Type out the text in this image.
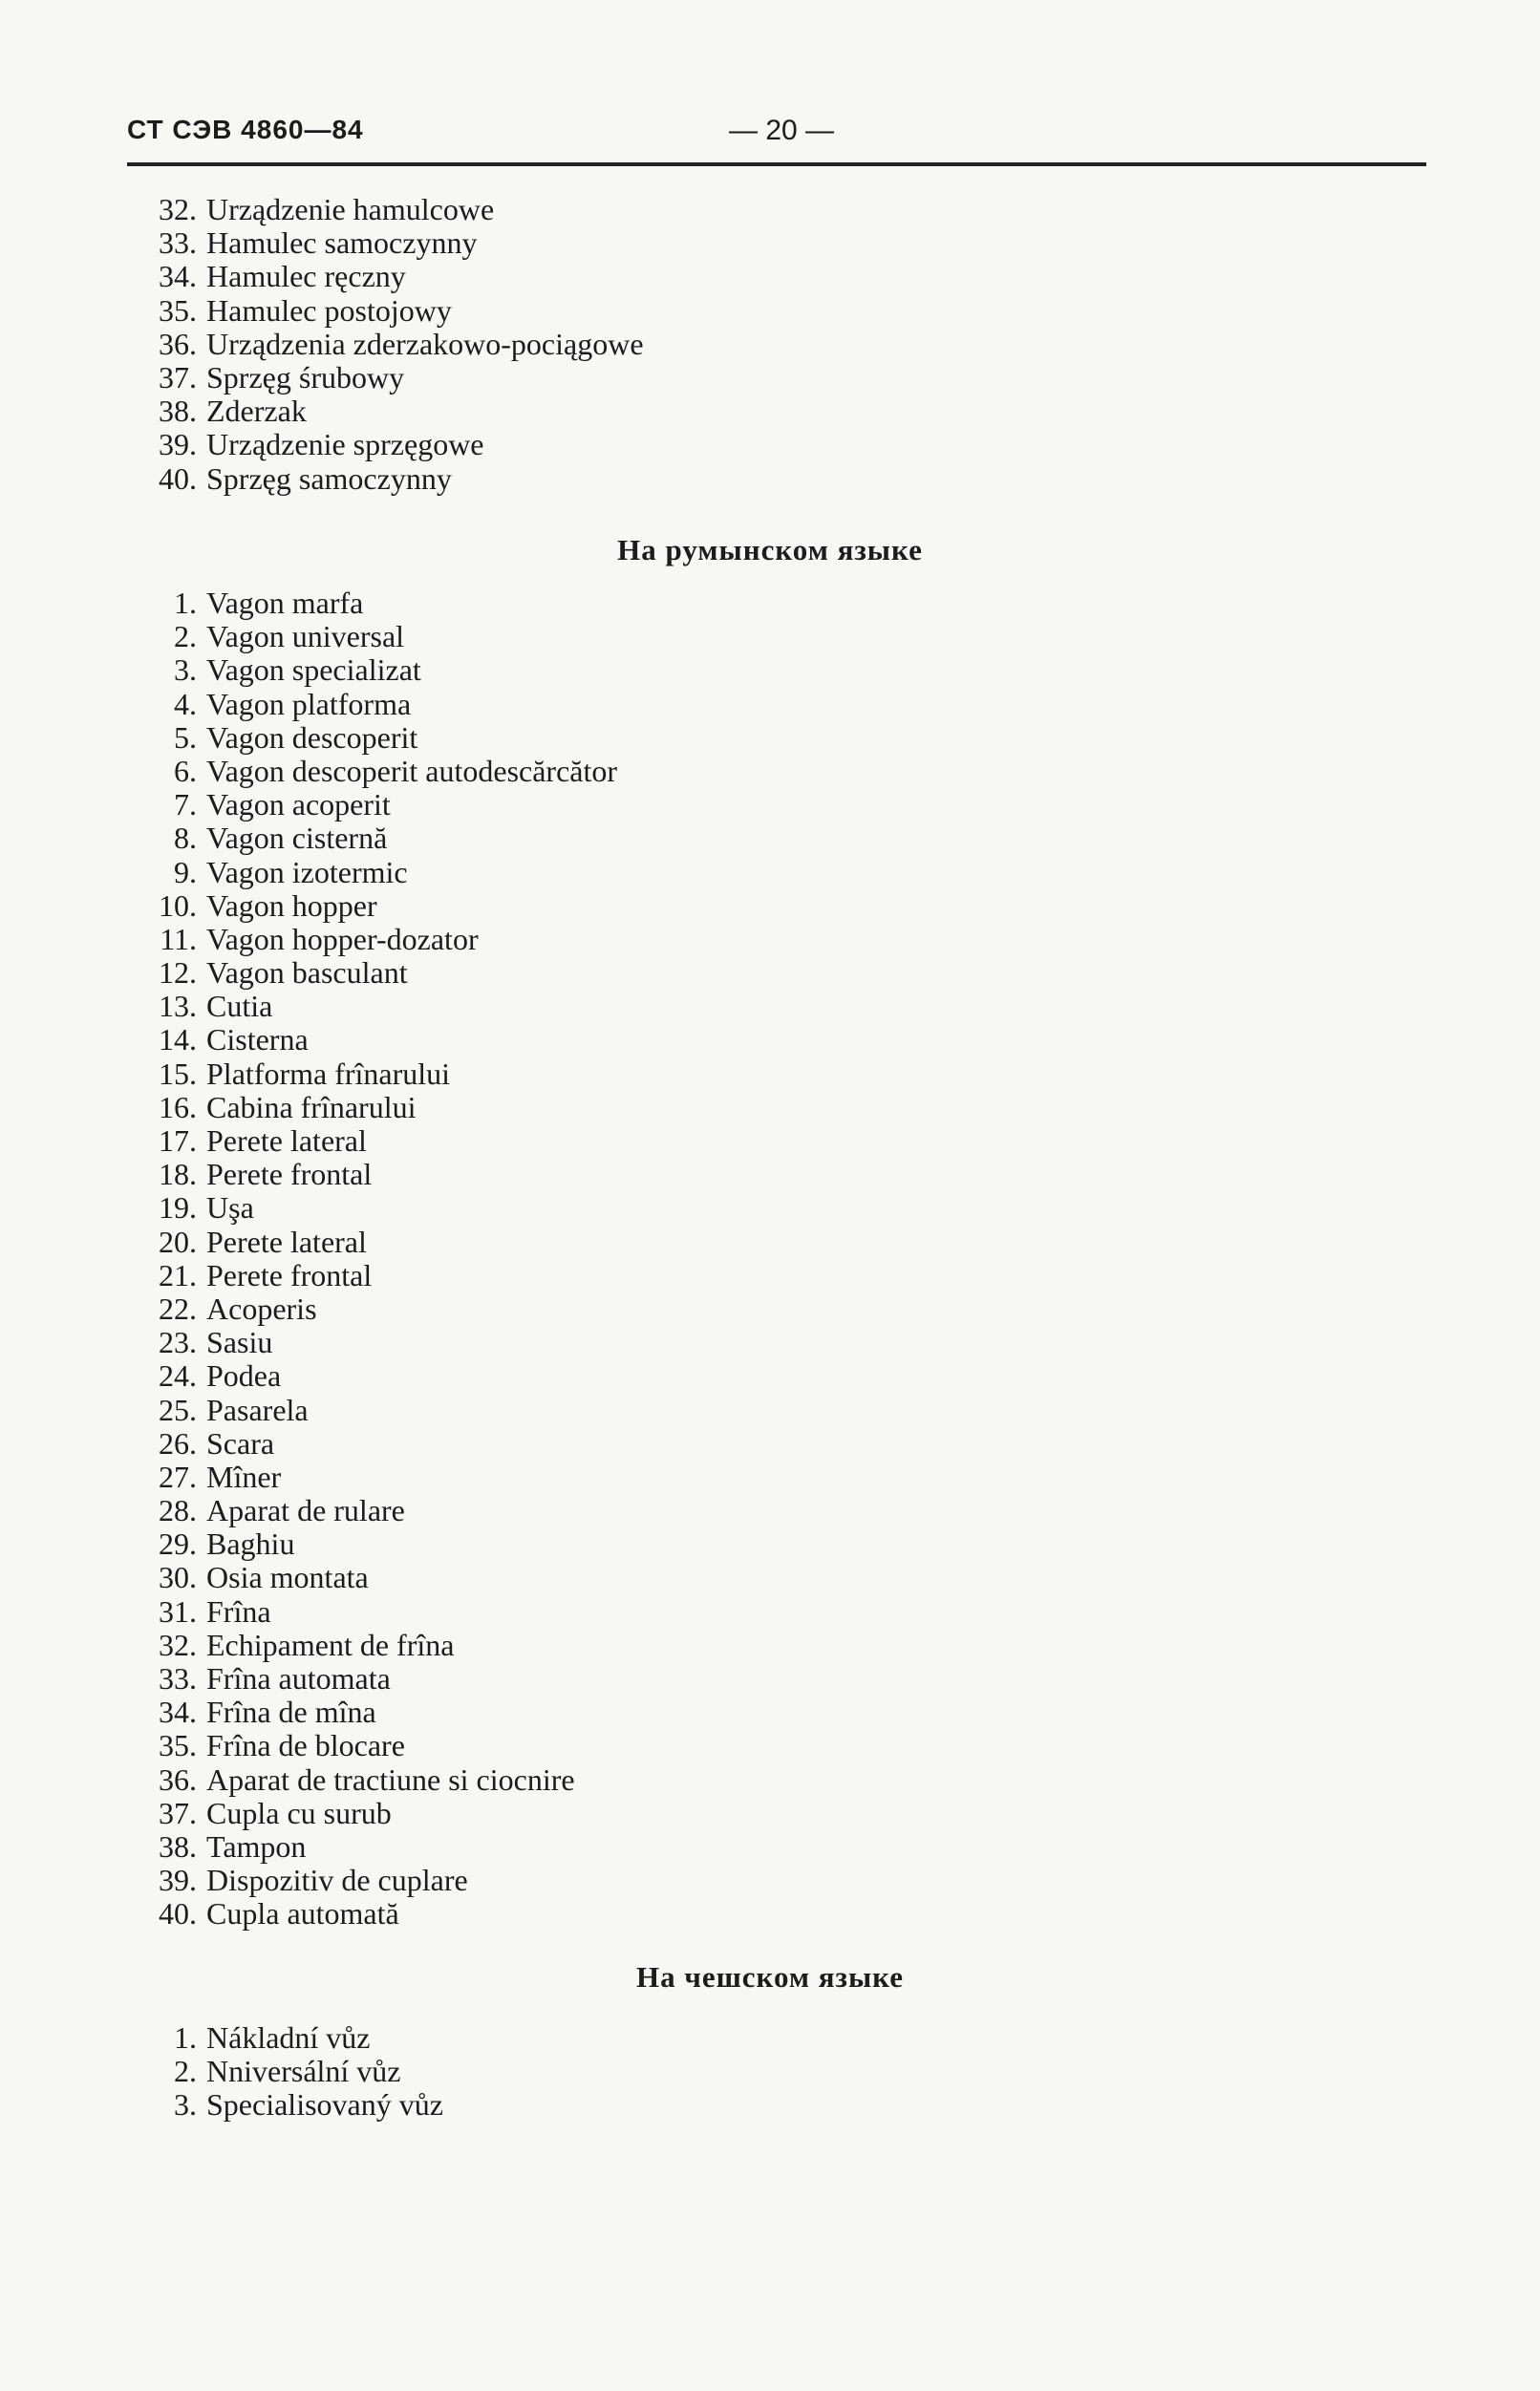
СТ СЭВ 4860—84	— 20 —
32. Urządzenie hamulcowe
33. Hamulec samoczynny
34. Hamulec ręczny
35. Hamulec postojowy
36. Urządzenia zderzakowo-pociągowe
37. Sprzęg śrubowy
38. Zderzak
39. Urządzenie sprzęgowe
40. Sprzęg samoczynny
На румынском языке
1. Vagon marfa
2. Vagon universal
3. Vagon specializat
4. Vagon platforma
5. Vagon descoperit
6. Vagon descoperit autodescărcător
7. Vagon acoperit
8. Vagon cisternă
9. Vagon izotermic
10. Vagon hopper
11. Vagon hopper-dozator
12. Vagon basculant
13. Cutia
14. Cisterna
15. Platforma frînarului
16. Cabina frînarului
17. Perete lateral
18. Perete frontal
19. Uşa
20. Perete lateral
21. Perete frontal
22. Acoperis
23. Sasiu
24. Podea
25. Pasarela
26. Scara
27. Mîner
28. Aparat de rulare
29. Baghiu
30. Osia montata
31. Frîna
32. Echipament de frîna
33. Frîna automata
34. Frîna de mîna
35. Frîna de blocare
36. Aparat de tractiune si ciocnire
37. Cupla cu surub
38. Tampon
39. Dispozitiv de cuplare
40. Cupla automată
На чешском языке
1. Nákladní vůz
2. Nniversální vůz
3. Specialisovaný vůz
